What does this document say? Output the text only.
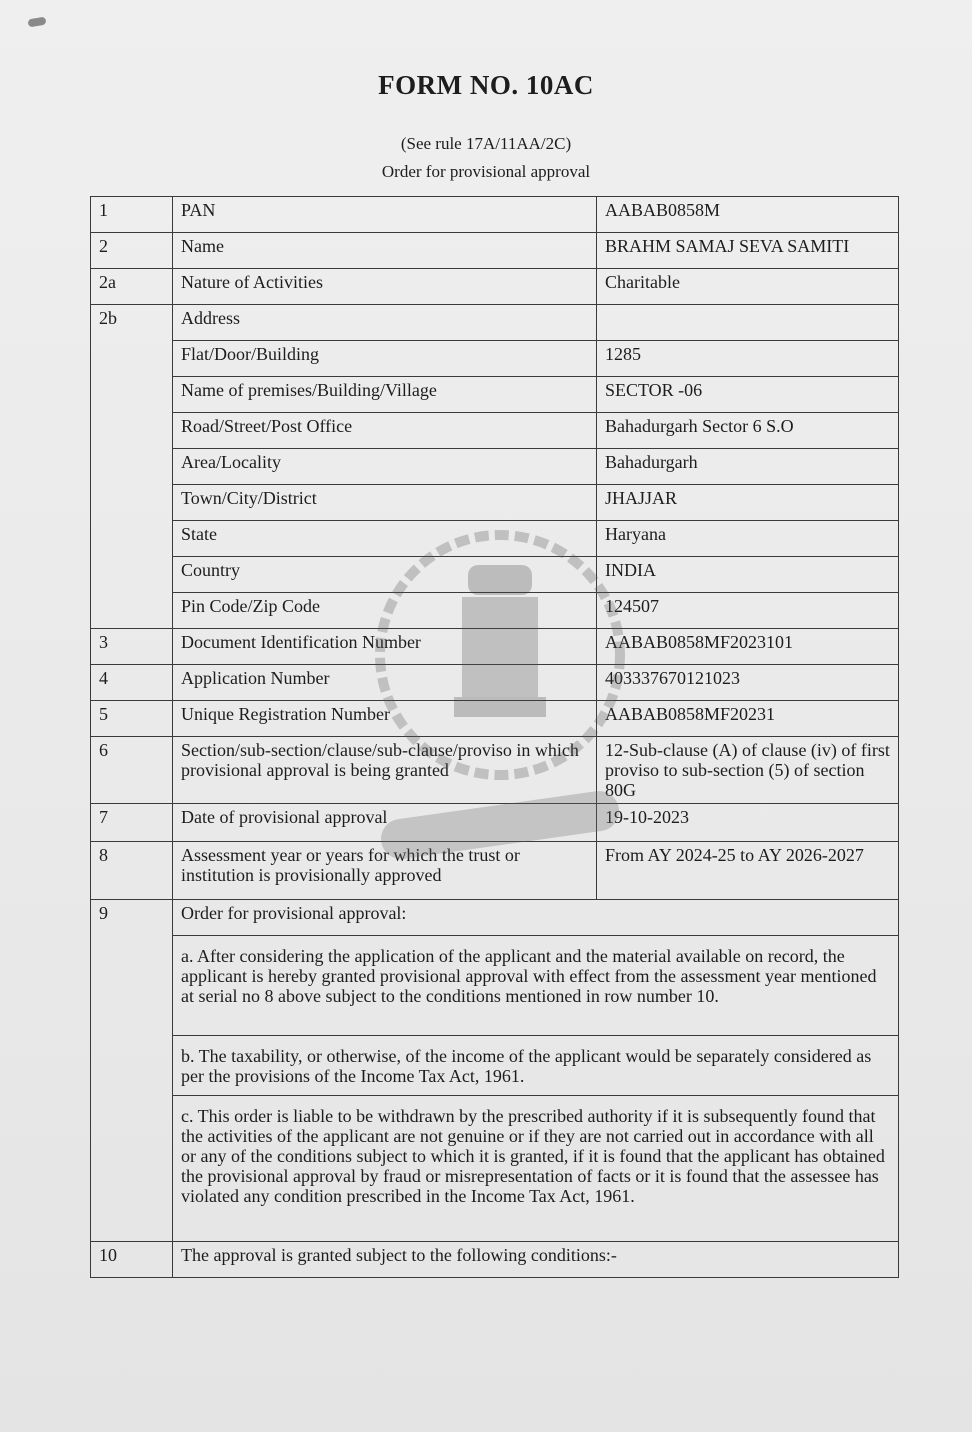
FORM NO. 10AC
(See rule 17A/11AA/2C)
Order for provisional approval
1	PAN	AABAB0858M
2	Name	BRAHM SAMAJ SEVA SAMITI
2a	Nature of Activities	Charitable
2b	Address	
	Flat/Door/Building	1285
	Name of premises/Building/Village	SECTOR -06
	Road/Street/Post Office	Bahadurgarh Sector 6 S.O
	Area/Locality	Bahadurgarh
	Town/City/District	JHAJJAR
	State	Haryana
	Country	INDIA
	Pin Code/Zip Code	124507
3	Document Identification Number	AABAB0858MF2023101
4	Application Number	403337670121023
5	Unique Registration Number	AABAB0858MF20231
6	Section/sub-section/clause/sub-clause/proviso in which provisional approval is being granted	12-Sub-clause (A) of clause (iv) of first proviso to sub-section (5) of section 80G
7	Date of provisional approval	19-10-2023
8	Assessment year or years for which the trust or institution is provisionally approved	From AY 2024-25 to AY 2026-2027
9	Order for provisional approval:	
	a. After considering the application of the applicant and the material available on record, the applicant is hereby granted provisional approval with effect from the assessment year mentioned at serial no 8 above subject to the conditions mentioned in row number 10.	
	b. The taxability, or otherwise, of the income of the applicant would be separately considered as per the provisions of the Income Tax Act, 1961.	
	c. This order is liable to be withdrawn by the prescribed authority if it is subsequently found that the activities of the applicant are not genuine or if they are not carried out in accordance with all or any of the conditions subject to which it is granted, if it is found that the applicant has obtained the provisional approval by fraud or misrepresentation of facts or it is found that the assessee has violated any condition prescribed in the Income Tax Act, 1961.	
10	The approval is granted subject to the following conditions:-	
